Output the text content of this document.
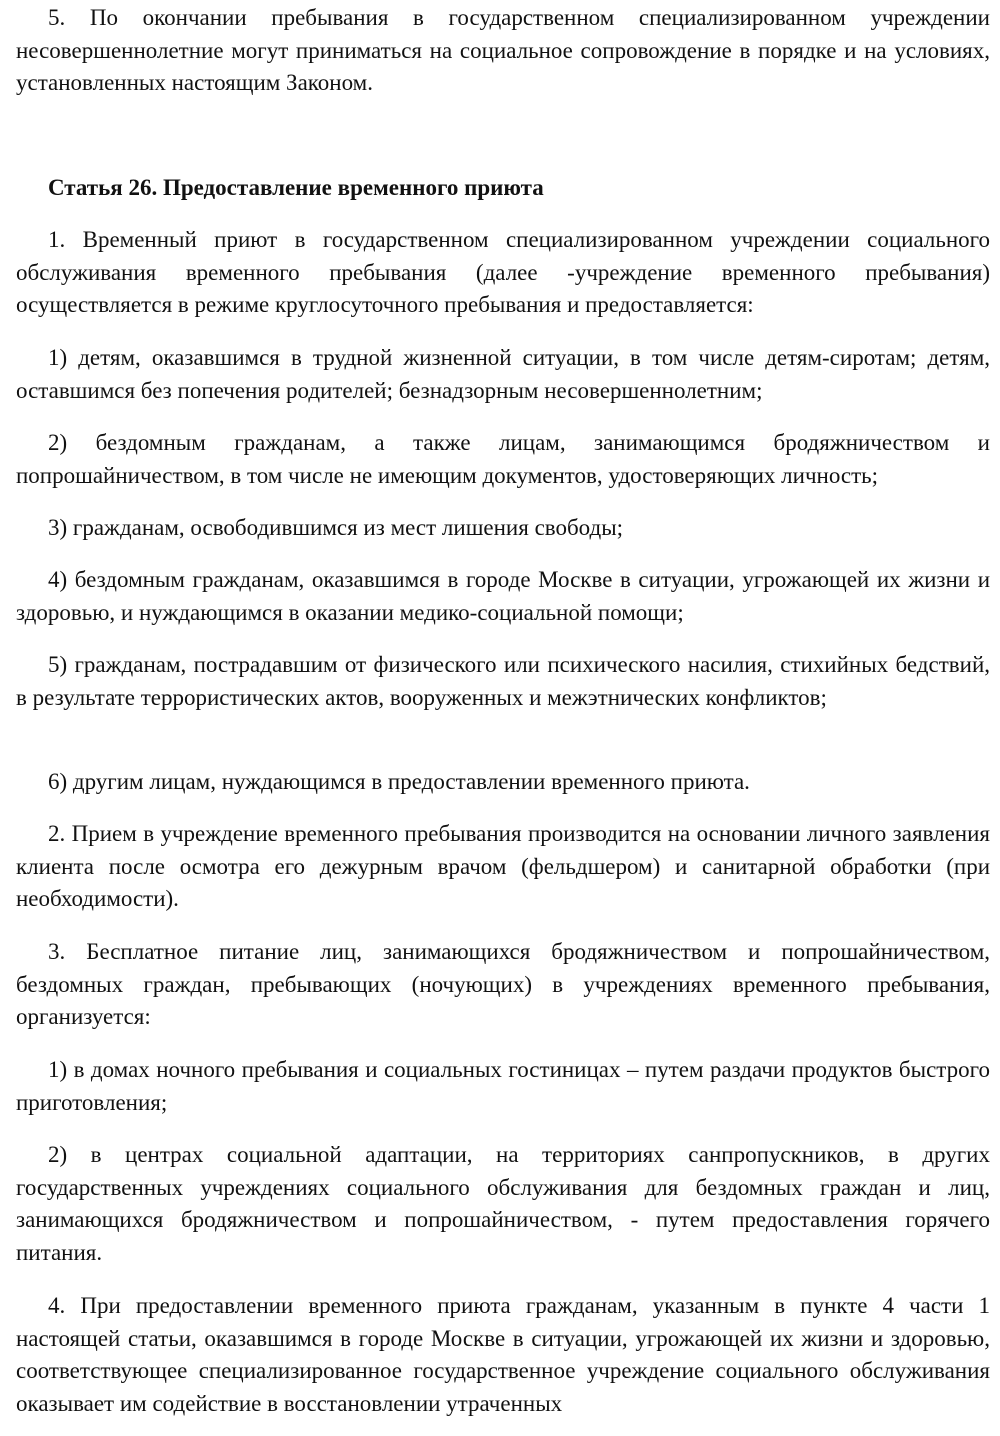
5. По окончании пребывания в государственном специализированном учреждении несовершеннолетние могут приниматься на социальное сопровождение в порядке и на условиях, установленных настоящим Законом.

Статья 26. Предоставление временного приюта

1. Временный приют в государственном специализированном учреждении социального обслуживания временного пребывания (далее -учреждение временного пребывания) осуществляется в режиме круглосуточного пребывания и предоставляется:

1) детям, оказавшимся в трудной жизненной ситуации, в том числе детям-сиротам; детям, оставшимся без попечения родителей; безнадзорным несовершеннолетним;

2) бездомным гражданам, а также лицам, занимающимся бродяжничеством и попрошайничеством, в том числе не имеющим документов, удостоверяющих личность;

3) гражданам, освободившимся из мест лишения свободы;

4) бездомным гражданам, оказавшимся в городе Москве в ситуации, угрожающей их жизни и здоровью, и нуждающимся в оказании медико-социальной помощи;

5) гражданам, пострадавшим от физического или психического насилия, стихийных бедствий, в результате террористических актов, вооруженных и межэтнических конфликтов;

6) другим лицам, нуждающимся в предоставлении временного приюта.

2. Прием в учреждение временного пребывания производится на основании личного заявления клиента после осмотра его дежурным врачом (фельдшером) и санитарной обработки (при необходимости).

3. Бесплатное питание лиц, занимающихся бродяжничеством и попрошайничеством, бездомных граждан, пребывающих (ночующих) в учреждениях временного пребывания, организуется:

1) в домах ночного пребывания и социальных гостиницах – путем раздачи продуктов быстрого приготовления;

2) в центрах социальной адаптации, на территориях санпропускников, в других государственных учреждениях социального обслуживания для бездомных граждан и лиц, занимающихся бродяжничеством и попрошайничеством, - путем предоставления горячего питания.

4. При предоставлении временного приюта гражданам, указанным в пункте 4 части 1 настоящей статьи, оказавшимся в городе Москве в ситуации, угрожающей их жизни и здоровью, соответствующее специализированное государственное учреждение социального обслуживания оказывает им содействие в восстановлении утраченных
